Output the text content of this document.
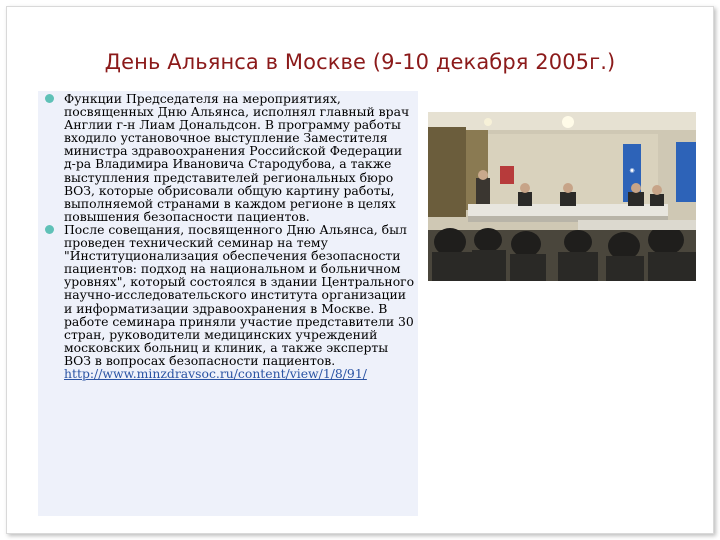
День Альянса в Москве (9-10 декабря 2005г.)
Функции Председателя на мероприятиях, посвященных Дню Альянса, исполнял главный врач Англии г-н Лиам Дональдсон. В программу работы входило установочное выступление Заместителя министра здравоохранения Российской Федерации д-ра Владимира Ивановича Стародубова, а также выступления представителей региональных бюро ВОЗ, которые обрисовали общую картину работы, выполняемой странами в каждом регионе в целях повышения безопасности пациентов.
После совещания, посвященного Дню Альянса, был проведен технический семинар на тему "Институционализация обеспечения безопасности пациентов: подход на национальном и больничном уровнях", который состоялся в здании Центрального научно-исследовательского института организации и информатизации здравоохранения в Москве. В работе семинара приняли участие представители 30 стран, руководители медицинских учреждений московских больниц и клиник, а также эксперты ВОЗ в вопросах безопасности пациентов.
http://www.minzdravsoc.ru/content/view/1/8/91/
◉
